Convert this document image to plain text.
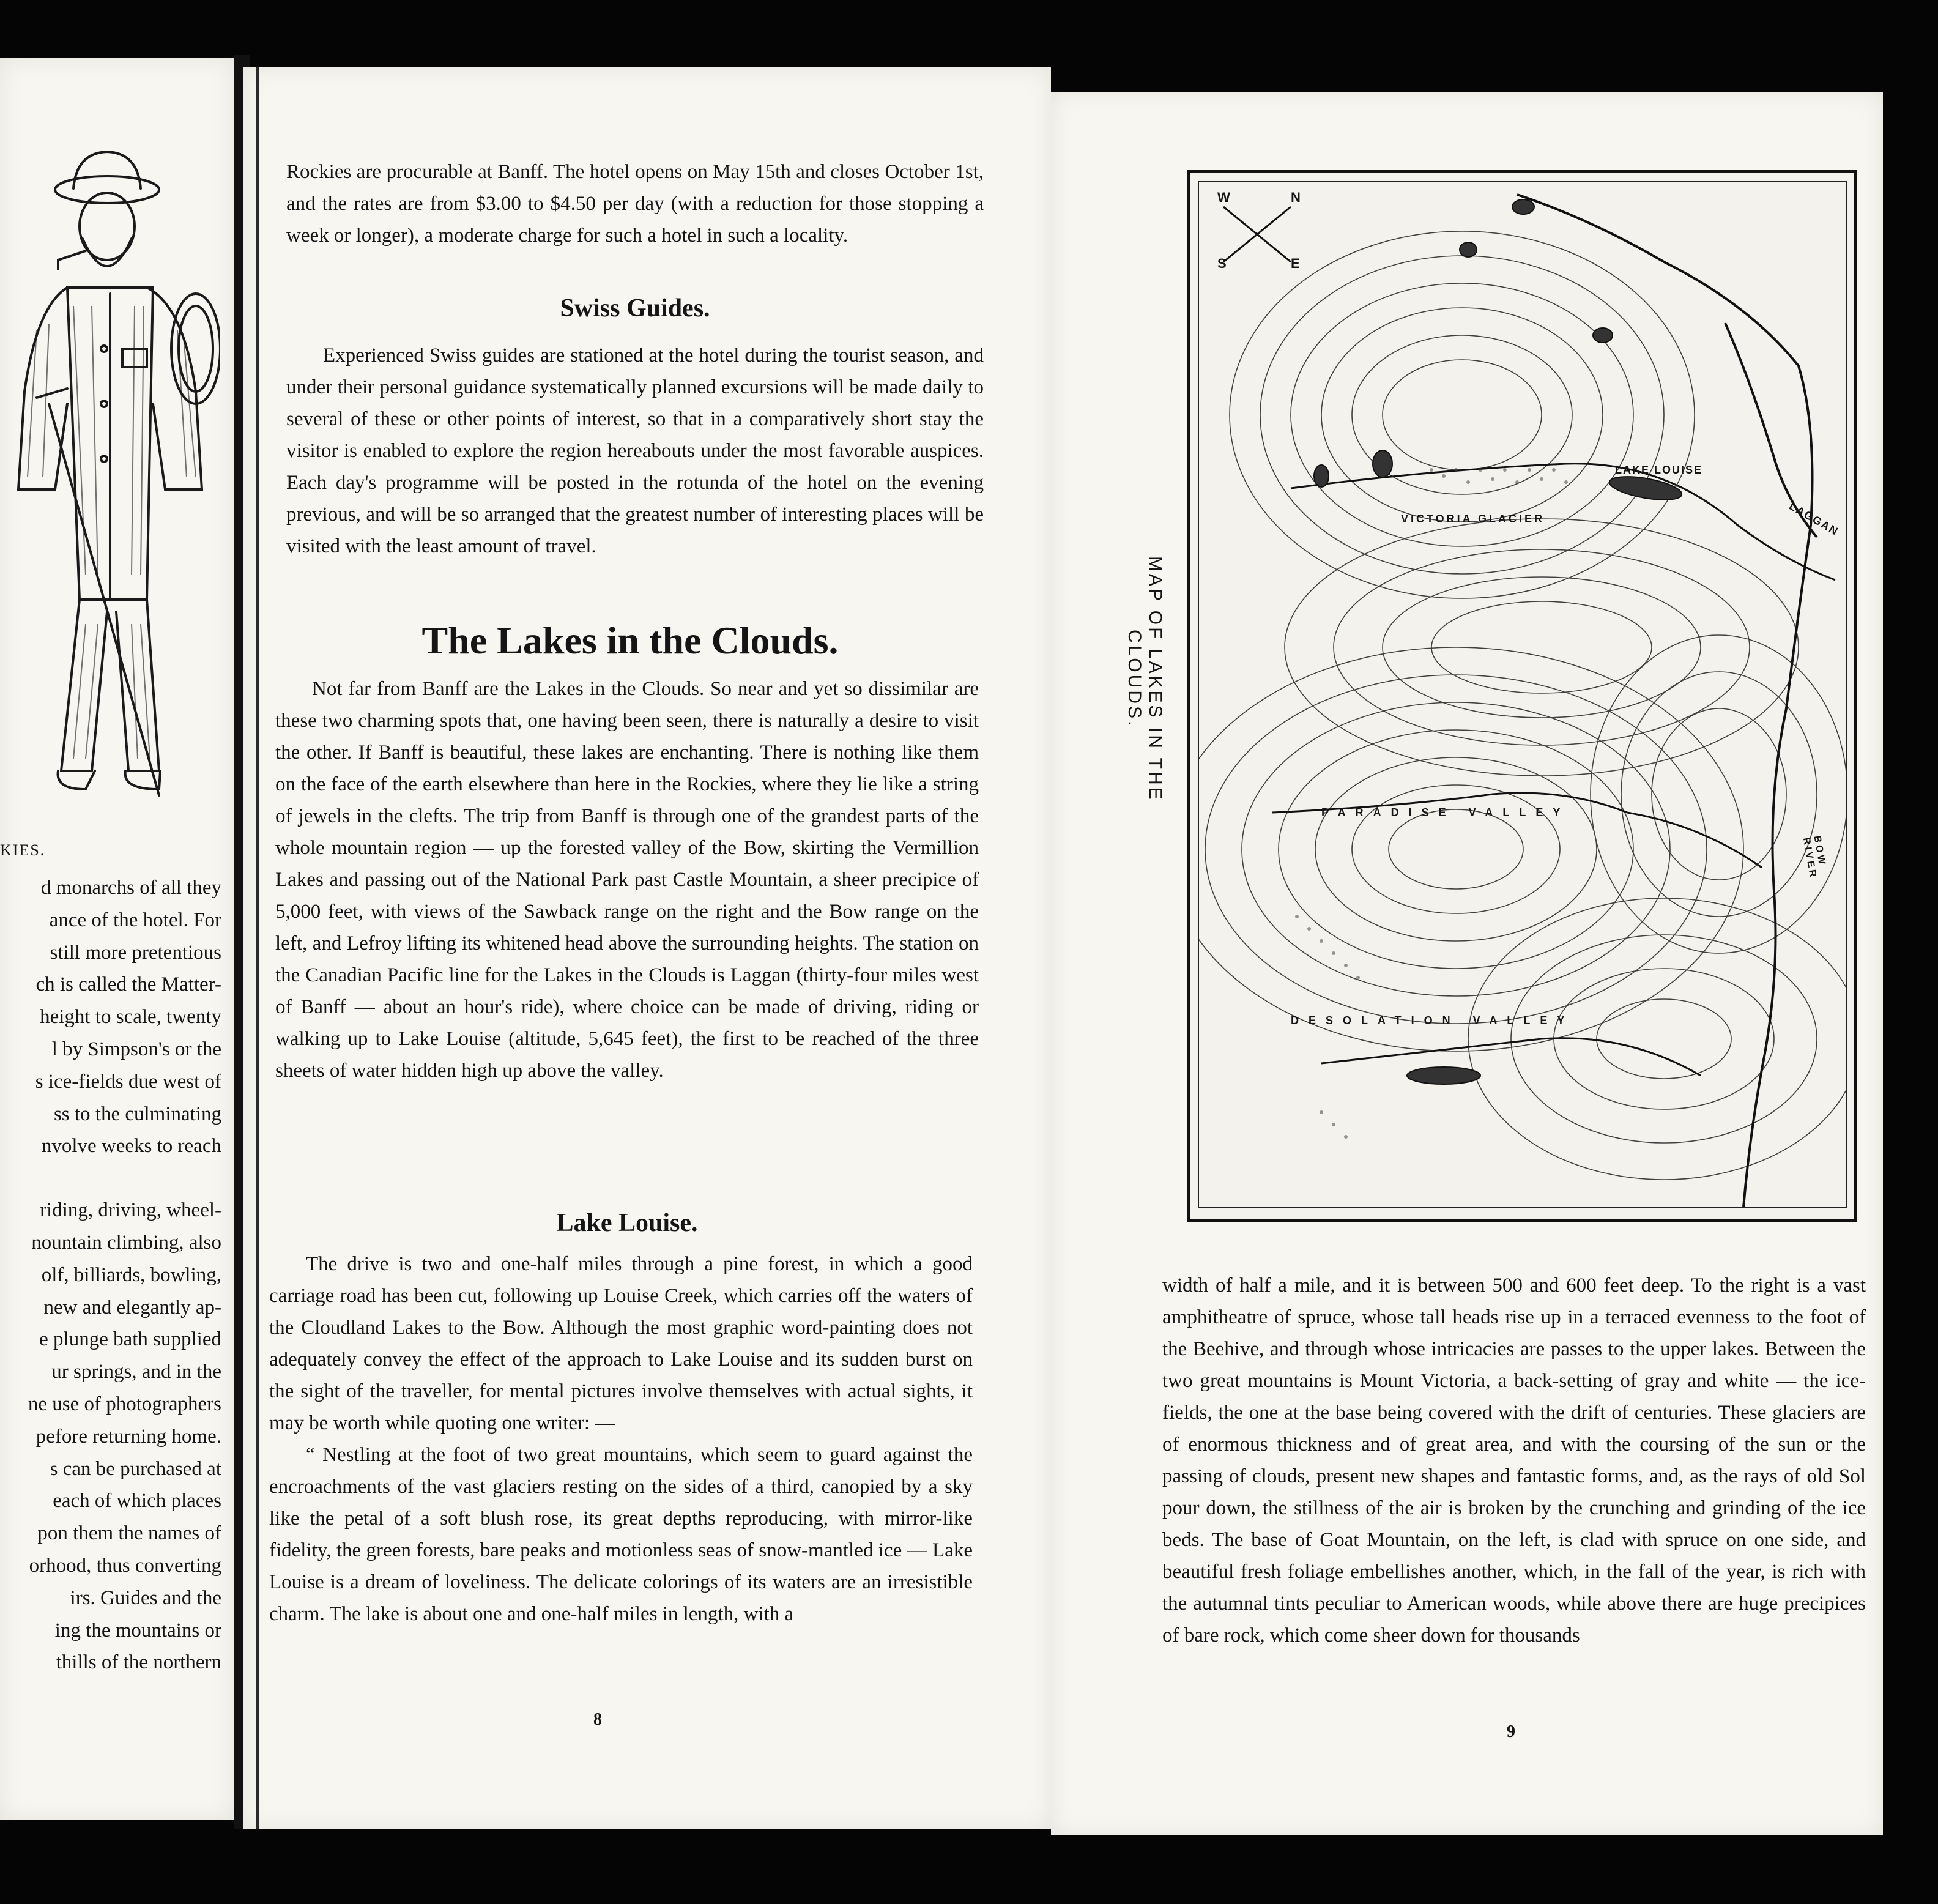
KIES.
d monarchs of all they
ance of the hotel. For
still more pretentious
ch is called the Matter-
height to scale, twenty
l by Simpson's or the
s ice-fields due west of
ss to the culminating
nvolve weeks to reach
riding, driving, wheel-
nountain climbing, also
olf, billiards, bowling,
new and elegantly ap-
e plunge bath supplied
ur springs, and in the
ne use of photographers
pefore returning home.
s can be purchased at
each of which places
pon them the names of
orhood, thus converting
irs. Guides and the
ing the mountains or
thills of the northern

Rockies are procurable at Banff. The hotel opens on May 15th and closes October 1st, and the rates are from $3.00 to $4.50 per day (with a reduction for those stopping a week or longer), a moderate charge for such a hotel in such a locality.

Swiss Guides.

Experienced Swiss guides are stationed at the hotel during the tourist season, and under their personal guidance systematically planned excursions will be made daily to several of these or other points of interest, so that in a comparatively short stay the visitor is enabled to explore the region hereabouts under the most favorable auspices. Each day's programme will be posted in the rotunda of the hotel on the evening previous, and will be so arranged that the greatest number of interesting places will be visited with the least amount of travel.

The Lakes in the Clouds.

Not far from Banff are the Lakes in the Clouds. So near and yet so dissimilar are these two charming spots that, one having been seen, there is naturally a desire to visit the other. If Banff is beautiful, these lakes are enchanting. There is nothing like them on the face of the earth elsewhere than here in the Rockies, where they lie like a string of jewels in the clefts. The trip from Banff is through one of the grandest parts of the whole mountain region — up the forested valley of the Bow, skirting the Vermillion Lakes and passing out of the National Park past Castle Mountain, a sheer precipice of 5,000 feet, with views of the Sawback range on the right and the Bow range on the left, and Lefroy lifting its whitened head above the surrounding heights. The station on the Canadian Pacific line for the Lakes in the Clouds is Laggan (thirty-four miles west of Banff — about an hour's ride), where choice can be made of driving, riding or walking up to Lake Louise (altitude, 5,645 feet), the first to be reached of the three sheets of water hidden high up above the valley.

Lake Louise.

The drive is two and one-half miles through a pine forest, in which a good carriage road has been cut, following up Louise Creek, which carries off the waters of the Cloudland Lakes to the Bow. Although the most graphic word-painting does not adequately convey the effect of the approach to Lake Louise and its sudden burst on the sight of the traveller, for mental pictures involve themselves with actual sights, it may be worth while quoting one writer: —

“ Nestling at the foot of two great mountains, which seem to guard against the encroachments of the vast glaciers resting on the sides of a third, canopied by a sky like the petal of a soft blush rose, its great depths reproducing, with mirror-like fidelity, the green forests, bare peaks and motionless seas of snow-mantled ice — Lake Louise is a dream of loveliness. The delicate colorings of its waters are an irresistible charm. The lake is about one and one-half miles in length, with a

8
MAP OF LAKES IN THE CLOUDS.
N
S	E
W
VICTORIA GLACIER
LAKE LOUISE
LAGGAN
PARADISE VALLEY
DESOLATION VALLEY
BOW RIVER

width of half a mile, and it is between 500 and 600 feet deep. To the right is a vast amphitheatre of spruce, whose tall heads rise up in a terraced evenness to the foot of the Beehive, and through whose intricacies are passes to the upper lakes. Between the two great mountains is Mount Victoria, a back-setting of gray and white — the ice-fields, the one at the base being covered with the drift of centuries. These glaciers are of enormous thickness and of great area, and with the coursing of the sun or the passing of clouds, present new shapes and fantastic forms, and, as the rays of old Sol pour down, the stillness of the air is broken by the crunching and grinding of the ice beds. The base of Goat Mountain, on the left, is clad with spruce on one side, and beautiful fresh foliage embellishes another, which, in the fall of the year, is rich with the autumnal tints peculiar to American woods, while above there are huge precipices of bare rock, which come sheer down for thousands

9
